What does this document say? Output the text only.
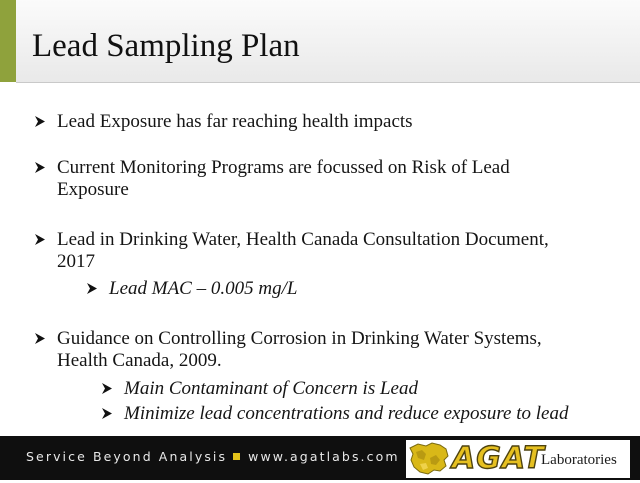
Lead Sampling Plan
Lead Exposure has far reaching health impacts
Current Monitoring Programs are focussed on Risk of Lead
Exposure
Lead in Drinking Water, Health Canada Consultation Document,
2017
Lead MAC – 0.005 mg/L
Guidance on Controlling Corrosion in Drinking Water Systems,
Health Canada, 2009.
Main Contaminant of Concern is Lead
Minimize lead concentrations and reduce exposure to lead
Service Beyond Analysis www.agatlabs.com AGAT
Laboratories
